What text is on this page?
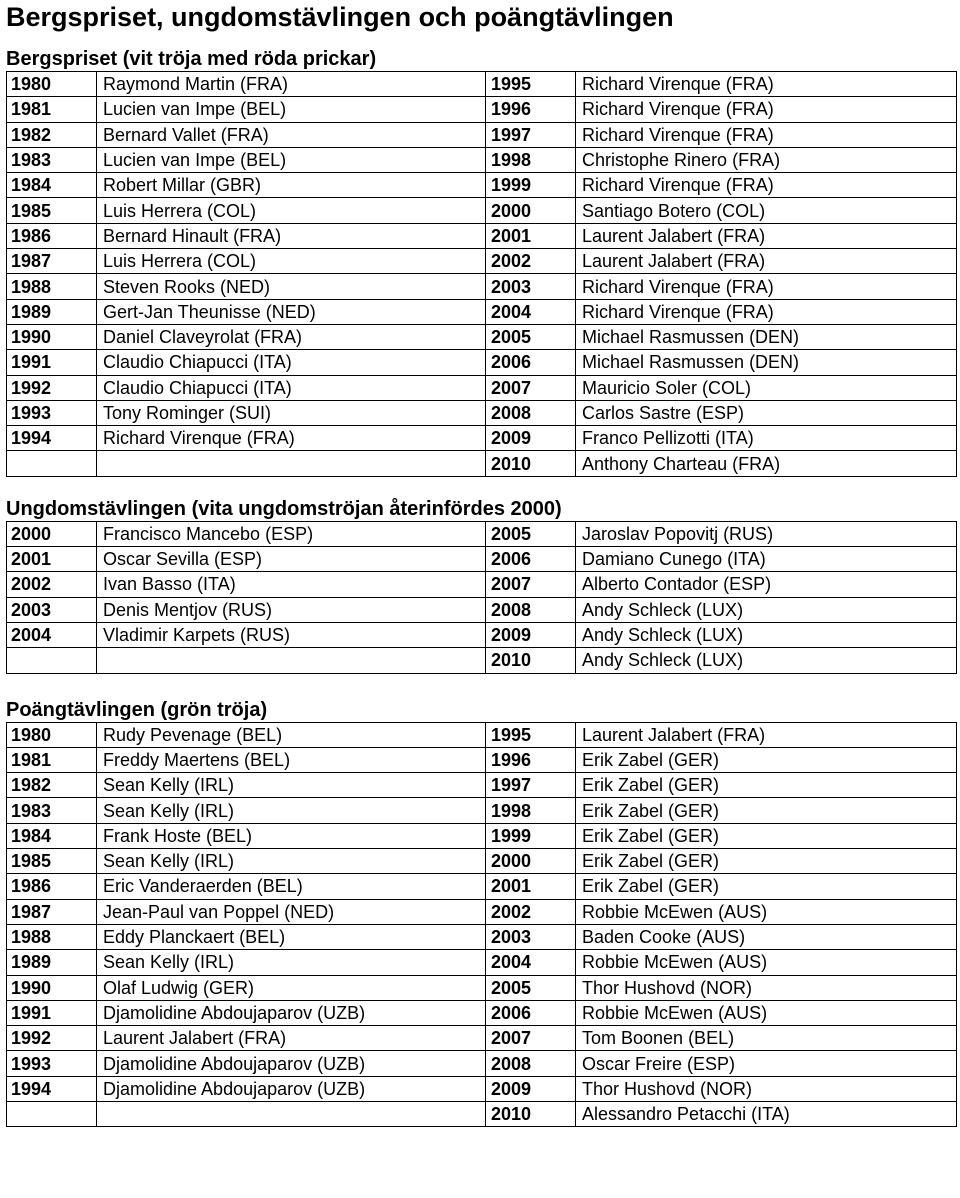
Bergspriset, ungdomstävlingen och poängtävlingen
Bergspriset (vit tröja med röda prickar)
1980	Raymond Martin (FRA)	1995	Richard Virenque (FRA)
1981	Lucien van Impe (BEL)	1996	Richard Virenque (FRA)
1982	Bernard Vallet (FRA)	1997	Richard Virenque (FRA)
1983	Lucien van Impe (BEL)	1998	Christophe Rinero (FRA)
1984	Robert Millar (GBR)	1999	Richard Virenque (FRA)
1985	Luis Herrera (COL)	2000	Santiago Botero (COL)
1986	Bernard Hinault (FRA)	2001	Laurent Jalabert (FRA)
1987	Luis Herrera (COL)	2002	Laurent Jalabert (FRA)
1988	Steven Rooks (NED)	2003	Richard Virenque (FRA)
1989	Gert-Jan Theunisse (NED)	2004	Richard Virenque (FRA)
1990	Daniel Claveyrolat (FRA)	2005	Michael Rasmussen (DEN)
1991	Claudio Chiapucci (ITA)	2006	Michael Rasmussen (DEN)
1992	Claudio Chiapucci (ITA)	2007	Mauricio Soler (COL)
1993	Tony Rominger (SUI)	2008	Carlos Sastre (ESP)
1994	Richard Virenque (FRA)	2009	Franco Pellizotti (ITA)
		2010	Anthony Charteau (FRA)
Ungdomstävlingen (vita ungdomströjan återinfördes 2000)
2000	Francisco Mancebo (ESP)	2005	Jaroslav Popovitj (RUS)
2001	Oscar Sevilla (ESP)	2006	Damiano Cunego (ITA)
2002	Ivan Basso (ITA)	2007	Alberto Contador (ESP)
2003	Denis Mentjov (RUS)	2008	Andy Schleck (LUX)
2004	Vladimir Karpets (RUS)	2009	Andy Schleck (LUX)
		2010	Andy Schleck (LUX)
Poängtävlingen (grön tröja)
1980	Rudy Pevenage (BEL)	1995	Laurent Jalabert (FRA)
1981	Freddy Maertens (BEL)	1996	Erik Zabel (GER)
1982	Sean Kelly (IRL)	1997	Erik Zabel (GER)
1983	Sean Kelly (IRL)	1998	Erik Zabel (GER)
1984	Frank Hoste (BEL)	1999	Erik Zabel (GER)
1985	Sean Kelly (IRL)	2000	Erik Zabel (GER)
1986	Eric Vanderaerden (BEL)	2001	Erik Zabel (GER)
1987	Jean-Paul van Poppel (NED)	2002	Robbie McEwen (AUS)
1988	Eddy Planckaert (BEL)	2003	Baden Cooke (AUS)
1989	Sean Kelly (IRL)	2004	Robbie McEwen (AUS)
1990	Olaf Ludwig (GER)	2005	Thor Hushovd (NOR)
1991	Djamolidine Abdoujaparov (UZB)	2006	Robbie McEwen (AUS)
1992	Laurent Jalabert (FRA)	2007	Tom Boonen (BEL)
1993	Djamolidine Abdoujaparov (UZB)	2008	Oscar Freire (ESP)
1994	Djamolidine Abdoujaparov (UZB)	2009	Thor Hushovd (NOR)
		2010	Alessandro Petacchi (ITA)
